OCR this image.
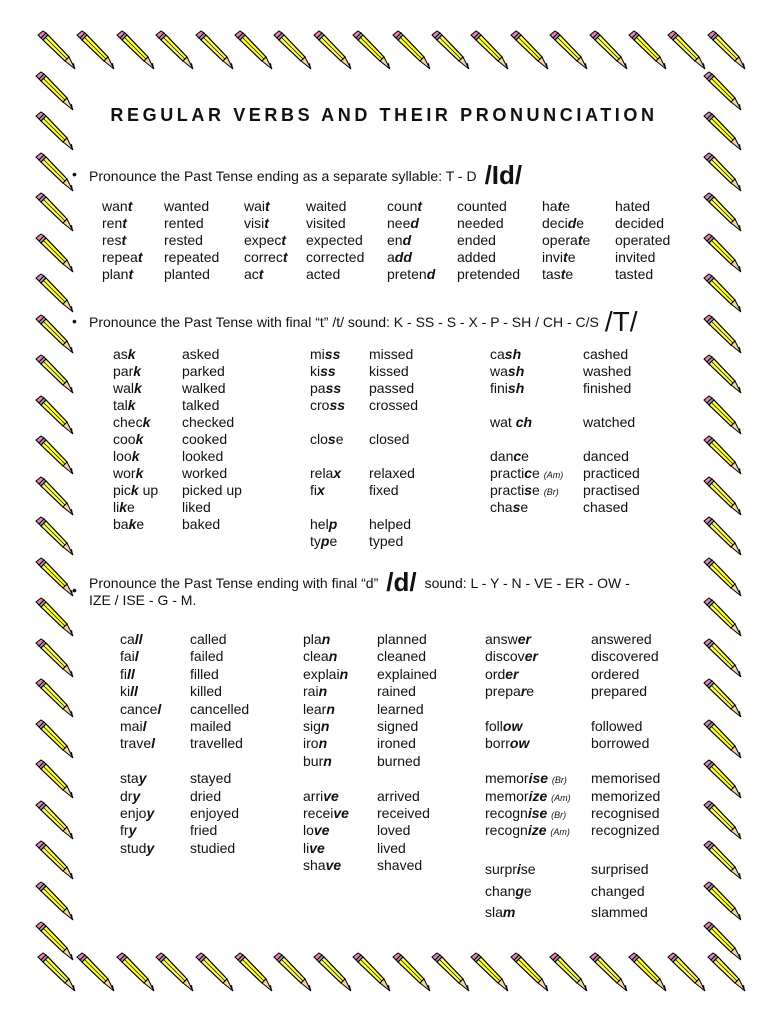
REGULAR VERBS AND THEIR PRONUNCIATION
• Pronounce the Past Tense ending as a separate syllable: T - D /Id/
• Pronounce the Past Tense with final “t” /t/ sound: K - SS - S - X - P - SH / CH - C/S /T/
• Pronounce the Past Tense ending with final “d” /d/ sound: L - Y - N - VE - ER - OW -
IZE / ISE - G - M.
want
rent
rest
repeat
plant
wanted
rented
rested
repeated
planted
wait
visit
expect
correct
act
waited
visited
expected
corrected
acted
count
need
end
add
pretend
counted
needed
ended
added
pretended
hate
decide
operate
invite
taste
hated
decided
operated
invited
tasted
ask
park
walk
talk
check
cook
look
work
pick up
like
bake
asked
parked
walked
talked
checked
cooked
looked
worked
picked up
liked
baked
miss
kiss
pass
cross
close
relax
fix
help
type
missed
kissed
passed
crossed
closed
relaxed
fixed
helped
typed
cash
wash
finish
wat ch
dance
practice (Am)
practise (Br)
chase
cashed
washed
finished
watched
danced
practiced
practised
chased
call
fail
fill
kill
cancel
mail
travel
stay
dry
enjoy
fry
study
called
failed
filled
killed
cancelled
mailed
travelled
stayed
dried
enjoyed
fried
studied
plan
clean
explain
rain
learn
sign
iron
burn
arrive
receive
love
live
shave
planned
cleaned
explained
rained
learned
signed
ironed
burned
arrived
received
loved
lived
shaved
answer
discover
order
prepare
follow
borrow
memorise (Br)
memorize (Am)
recognise (Br)
recognize (Am)
surprise
change
slam
answered
discovered
ordered
prepared
followed
borrowed
memorised
memorized
recognised
recognized
surprised
changed
slammed
